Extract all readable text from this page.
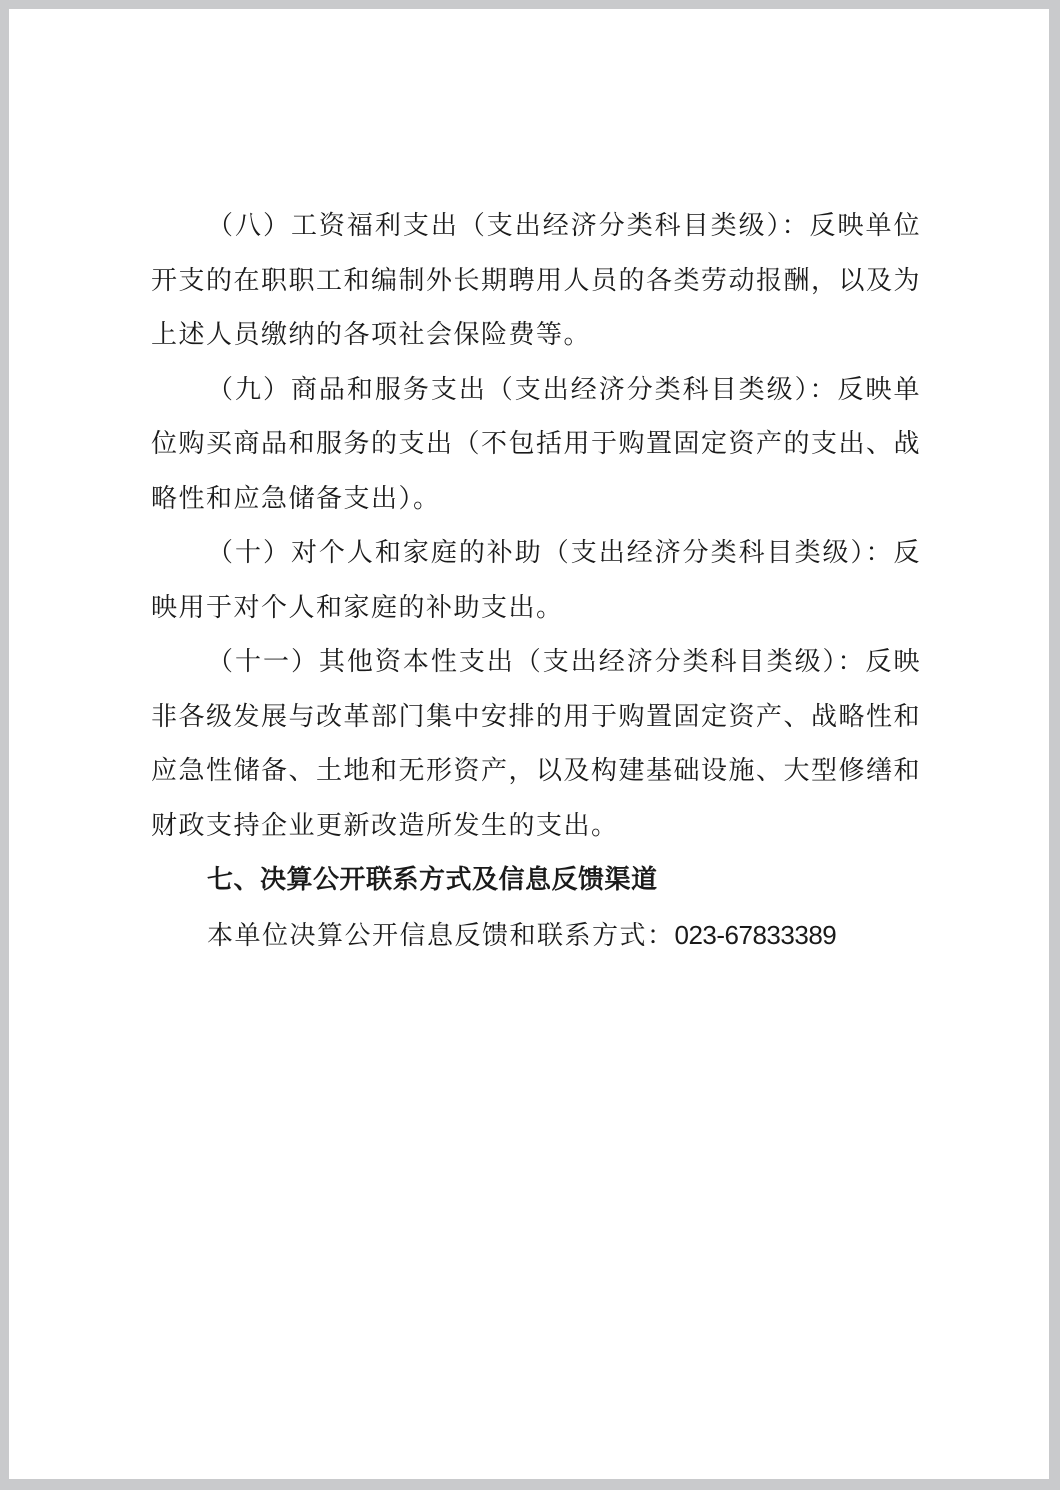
（八）工资福利支出（支出经济分类科目类级）：反映单位开支的在职职工和编制外长期聘用人员的各类劳动报酬，以及为上述人员缴纳的各项社会保险费等。

（九）商品和服务支出（支出经济分类科目类级）：反映单位购买商品和服务的支出（不包括用于购置固定资产的支出、战略性和应急储备支出）。

（十）对个人和家庭的补助（支出经济分类科目类级）：反映用于对个人和家庭的补助支出。

（十一）其他资本性支出（支出经济分类科目类级）：反映非各级发展与改革部门集中安排的用于购置固定资产、战略性和应急性储备、土地和无形资产，以及构建基础设施、大型修缮和财政支持企业更新改造所发生的支出。

七、决算公开联系方式及信息反馈渠道

本单位决算公开信息反馈和联系方式：023-67833389
